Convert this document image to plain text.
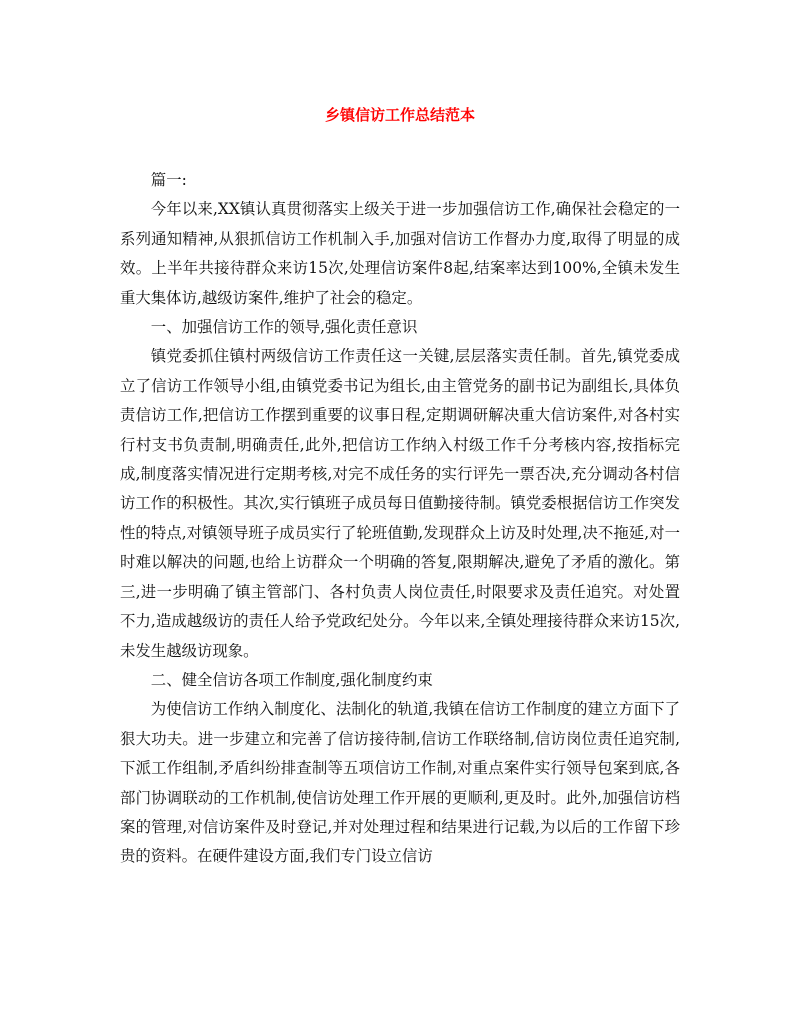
乡镇信访工作总结范本

篇一:

今年以来,XX镇认真贯彻落实上级关于进一步加强信访工作,确保社会稳定的一系列通知精神,从狠抓信访工作机制入手,加强对信访工作督办力度,取得了明显的成效。上半年共接待群众来访15次,处理信访案件8起,结案率达到100%,全镇未发生重大集体访,越级访案件,维护了社会的稳定。

一、加强信访工作的领导,强化责任意识

镇党委抓住镇村两级信访工作责任这一关键,层层落实责任制。首先,镇党委成立了信访工作领导小组,由镇党委书记为组长,由主管党务的副书记为副组长,具体负责信访工作,把信访工作摆到重要的议事日程,定期调研解决重大信访案件,对各村实行村支书负责制,明确责任,此外,把信访工作纳入村级工作千分考核内容,按指标完成,制度落实情况进行定期考核,对完不成任务的实行评先一票否决,充分调动各村信访工作的积极性。其次,实行镇班子成员每日值勤接待制。镇党委根据信访工作突发性的特点,对镇领导班子成员实行了轮班值勤,发现群众上访及时处理,决不拖延,对一时难以解决的问题,也给上访群众一个明确的答复,限期解决,避免了矛盾的激化。第三,进一步明确了镇主管部门、各村负责人岗位责任,时限要求及责任追究。对处置不力,造成越级访的责任人给予党政纪处分。今年以来,全镇处理接待群众来访15次,未发生越级访现象。

二、健全信访各项工作制度,强化制度约束

为使信访工作纳入制度化、法制化的轨道,我镇在信访工作制度的建立方面下了狠大功夫。进一步建立和完善了信访接待制,信访工作联络制,信访岗位责任追究制,下派工作组制,矛盾纠纷排查制等五项信访工作制,对重点案件实行领导包案到底,各部门协调联动的工作机制,使信访处理工作开展的更顺利,更及时。此外,加强信访档案的管理,对信访案件及时登记,并对处理过程和结果进行记载,为以后的工作留下珍贵的资料。在硬件建设方面,我们专门设立信访
